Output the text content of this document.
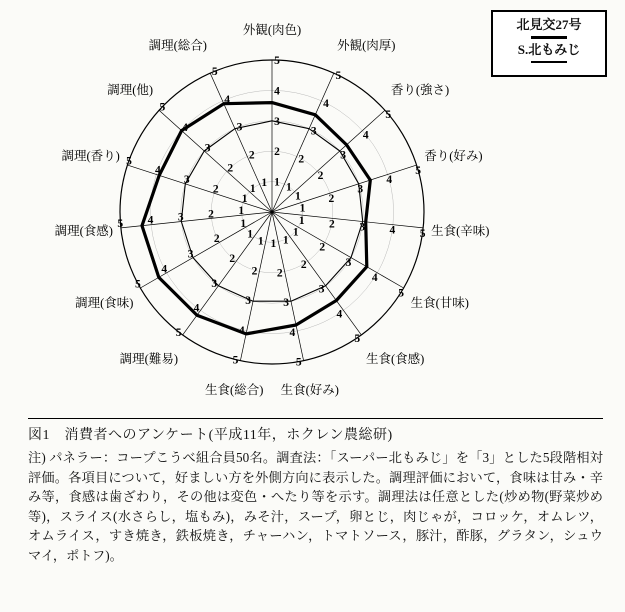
北見交27号
S.北もみじ
1
2
3
4
5
1
2
3
4
5
1
2
3
4
5
1
2
3
4
5
1 2 3 4 5
1
2
3
4
5
1
2
3
4
5
1
2
3
4
5
1
2
3
4
5
1
2
3
4
5
1
2
3
4
5
1
2
3
4
5
1
2
3
4
5
1
2
3
4
5
1
2
3
4
5
外観(肉色)
外観(肉厚)
香り(強さ)
香り(好み)
生食(辛味)
生食(甘味)
生食(食感)
生食(好み)
生食(総合)
調理(難易)
調理(食味)
調理(食感)
調理(香り)
調理(他)
調理(総合)
図1　消費者へのアンケート(平成11年，ホクレン農総研)
注) パネラー：コープこうべ組合員50名。調査法：「スーパー北もみじ」を「3」とした5段階相対評価。各項目について，好ましい方を外側方向に表示した。調理評価において，食味は甘み・辛み等，食感は歯ざわり，その他は変色・へたり等を示す。調理法は任意とした(炒め物(野菜炒め等)，スライス(水さらし，塩もみ)，みそ汁，スープ，卵とじ，肉じゃが，コロッケ，オムレツ，オムライス，すき焼き，鉄板焼き，チャーハン，トマトソース，豚汁，酢豚，グラタン，シュウマイ，ポトフ)。
